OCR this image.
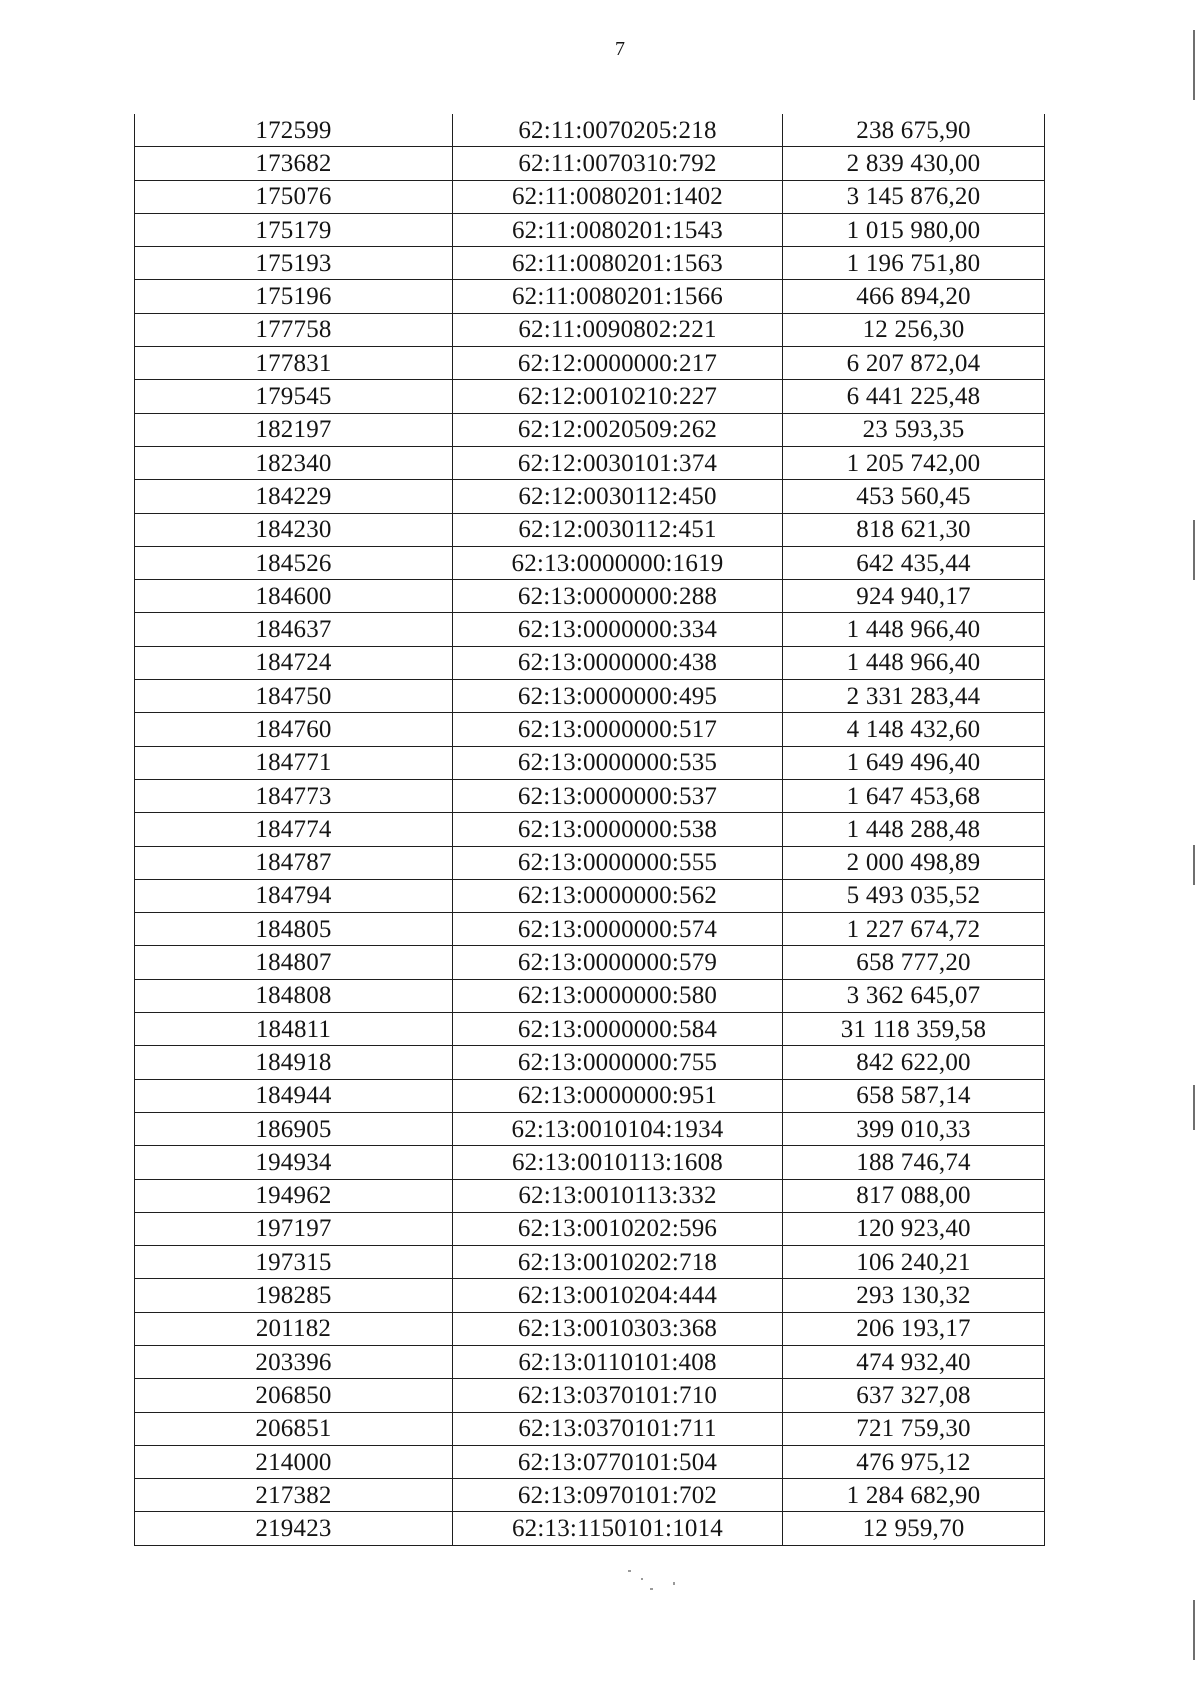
7
172599	62:11:0070205:218	238 675,90
173682	62:11:0070310:792	2 839 430,00
175076	62:11:0080201:1402	3 145 876,20
175179	62:11:0080201:1543	1 015 980,00
175193	62:11:0080201:1563	1 196 751,80
175196	62:11:0080201:1566	466 894,20
177758	62:11:0090802:221	12 256,30
177831	62:12:0000000:217	6 207 872,04
179545	62:12:0010210:227	6 441 225,48
182197	62:12:0020509:262	23 593,35
182340	62:12:0030101:374	1 205 742,00
184229	62:12:0030112:450	453 560,45
184230	62:12:0030112:451	818 621,30
184526	62:13:0000000:1619	642 435,44
184600	62:13:0000000:288	924 940,17
184637	62:13:0000000:334	1 448 966,40
184724	62:13:0000000:438	1 448 966,40
184750	62:13:0000000:495	2 331 283,44
184760	62:13:0000000:517	4 148 432,60
184771	62:13:0000000:535	1 649 496,40
184773	62:13:0000000:537	1 647 453,68
184774	62:13:0000000:538	1 448 288,48
184787	62:13:0000000:555	2 000 498,89
184794	62:13:0000000:562	5 493 035,52
184805	62:13:0000000:574	1 227 674,72
184807	62:13:0000000:579	658 777,20
184808	62:13:0000000:580	3 362 645,07
184811	62:13:0000000:584	31 118 359,58
184918	62:13:0000000:755	842 622,00
184944	62:13:0000000:951	658 587,14
186905	62:13:0010104:1934	399 010,33
194934	62:13:0010113:1608	188 746,74
194962	62:13:0010113:332	817 088,00
197197	62:13:0010202:596	120 923,40
197315	62:13:0010202:718	106 240,21
198285	62:13:0010204:444	293 130,32
201182	62:13:0010303:368	206 193,17
203396	62:13:0110101:408	474 932,40
206850	62:13:0370101:710	637 327,08
206851	62:13:0370101:711	721 759,30
214000	62:13:0770101:504	476 975,12
217382	62:13:0970101:702	1 284 682,90
219423	62:13:1150101:1014	12 959,70
